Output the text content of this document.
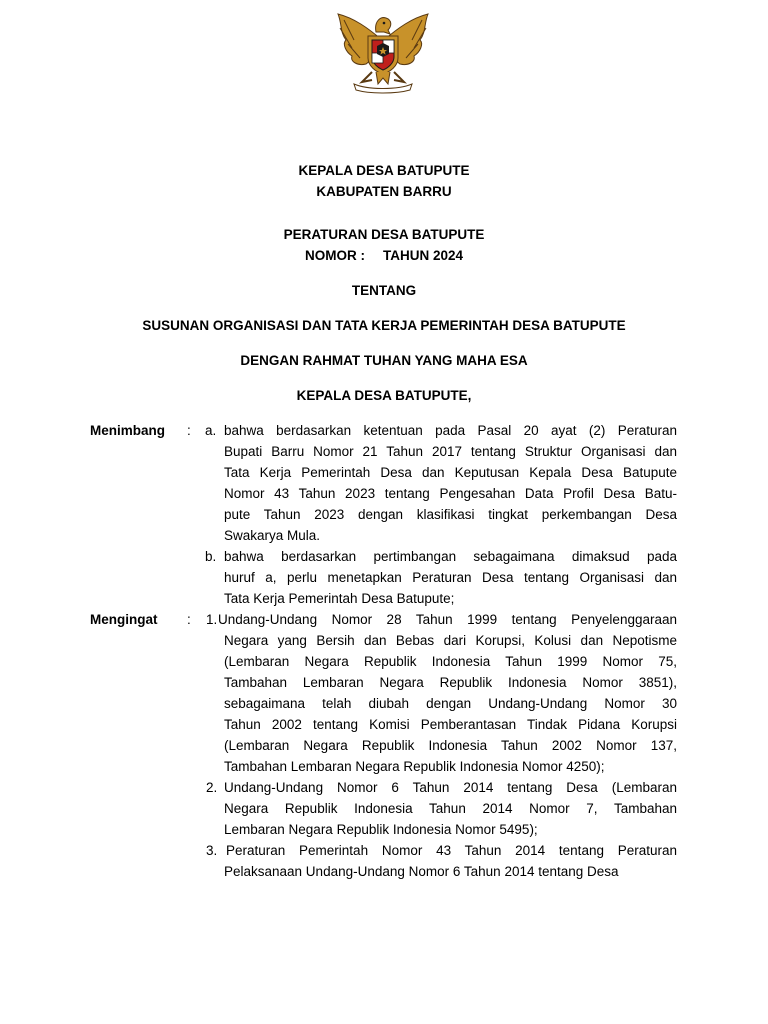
KEPALA DESA BATUPUTE
KABUPATEN BARRU
PERATURAN DESA BATUPUTE
NOMOR : TAHUN 2024
TENTANG
SUSUNAN ORGANISASI DAN TATA KERJA PEMERINTAH DESA BATUPUTE
DENGAN RAHMAT TUHAN YANG MAHA ESA
KEPALA DESA BATUPUTE,
Menimbang : a. bahwa berdasarkan ketentuan pada Pasal 20 ayat (2) Peraturan
Bupati Barru Nomor 21 Tahun 2017 tentang Struktur Organisasi dan
Tata Kerja Pemerintah Desa dan Keputusan Kepala Desa Batupute
Nomor 43 Tahun 2023 tentang Pengesahan Data Profil Desa Batu-
pute Tahun 2023 dengan klasifikasi tingkat perkembangan Desa
Swakarya Mula.
b. bahwa berdasarkan pertimbangan sebagaimana dimaksud pada
huruf a, perlu menetapkan Peraturan Desa tentang Organisasi dan
Tata Kerja Pemerintah Desa Batupute;
Mengingat : 1. Undang-Undang Nomor 28 Tahun 1999 tentang Penyelenggaraan
Negara yang Bersih dan Bebas dari Korupsi, Kolusi dan Nepotisme
(Lembaran Negara Republik Indonesia Tahun 1999 Nomor 75,
Tambahan Lembaran Negara Republik Indonesia Nomor 3851),
sebagaimana telah diubah dengan Undang-Undang Nomor 30
Tahun 2002 tentang Komisi Pemberantasan Tindak Pidana Korupsi
(Lembaran Negara Republik Indonesia Tahun 2002 Nomor 137,
Tambahan Lembaran Negara Republik Indonesia Nomor 4250);
2. Undang-Undang Nomor 6 Tahun 2014 tentang Desa (Lembaran
Negara Republik Indonesia Tahun 2014 Nomor 7, Tambahan
Lembaran Negara Republik Indonesia Nomor 5495);
3. Peraturan Pemerintah Nomor 43 Tahun 2014 tentang Peraturan
Pelaksanaan Undang-Undang Nomor 6 Tahun 2014 tentang Desa
